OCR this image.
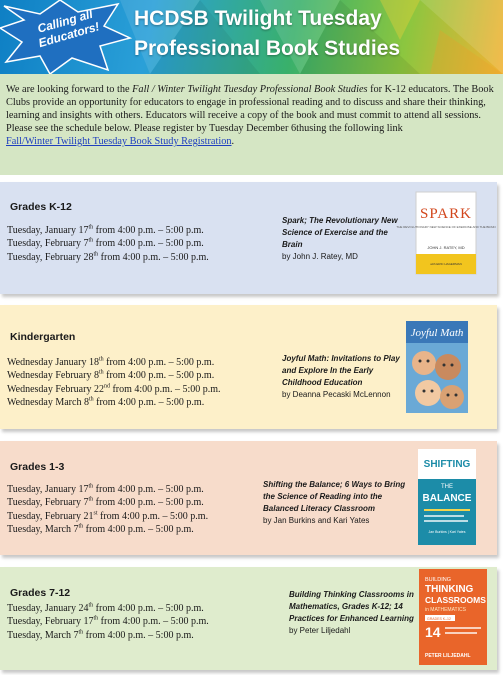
Calling all Educators!
HCDSB Twilight Tuesday
Professional Book Studies

We are looking forward to the Fall / Winter Twilight Tuesday Professional Book Studies for K-12 educators. The Book Clubs provide an opportunity for educators to engage in professional reading and to discuss and share their thinking, learning and insights with others. Educators will receive a copy of the book and must commit to attend all sessions. Please see the schedule below. Please register by Tuesday December 6thusing the following link
Fall/Winter Twilight Tuesday Book Study Registration.

Grades K-12
Tuesday, January 17th from 4:00 p.m. – 5:00 p.m.
Tuesday, February 7th from 4:00 p.m. – 5:00 p.m.
Tuesday, February 28th from 4:00 p.m. – 5:00 p.m.
Spark; The Revolutionary New Science of Exercise and the Brain
by John J. Ratey, MD
SPARK
THE REVOLUTIONARY NEW SCIENCE OF EXERCISE AND THE BRAIN
JOHN J. RATEY, MD
with ERIC HAGERMAN
Kindergarten
Wednesday January 18th from 4:00 p.m. – 5:00 p.m.
Wednesday February 8th from 4:00 p.m. – 5:00 p.m.
Wednesday February 22nd from 4:00 p.m. – 5:00 p.m.
Wednesday March 8th from 4:00 p.m. – 5:00 p.m.
Joyful Math: Invitations to Play and Explore In the Early Childhood Education
by Deanna Pecaski McLennon
Joyful Math
Grades 1-3
Tuesday, January 17th from 4:00 p.m. – 5:00 p.m.
Tuesday, February 7th from 4:00 p.m. – 5:00 p.m.
Tuesday, February 21st from 4:00 p.m. – 5:00 p.m.
Tuesday, March 7th from 4:00 p.m. – 5:00 p.m.
Shifting the Balance; 6 Ways to Bring the Science of Reading into the Balanced Literacy Classroom
by Jan Burkins and Kari Yates
SHIFTING
THE
BALANCE
Jan Burkins | Kari Yates
Grades 7-12
Tuesday, January 24th from 4:00 p.m. – 5:00 p.m.
Tuesday, February 17th from 4:00 p.m. – 5:00 p.m.
Tuesday, March 7th from 4:00 p.m. – 5:00 p.m.
Building Thinking Classrooms in Mathematics, Grades K-12; 14 Practices for Enhanced Learning
by Peter Liljedahl
BUILDING
THINKING
CLASSROOMS
in MATHEMATICS
GRADES K–12
14
PETER LILJEDAHL
